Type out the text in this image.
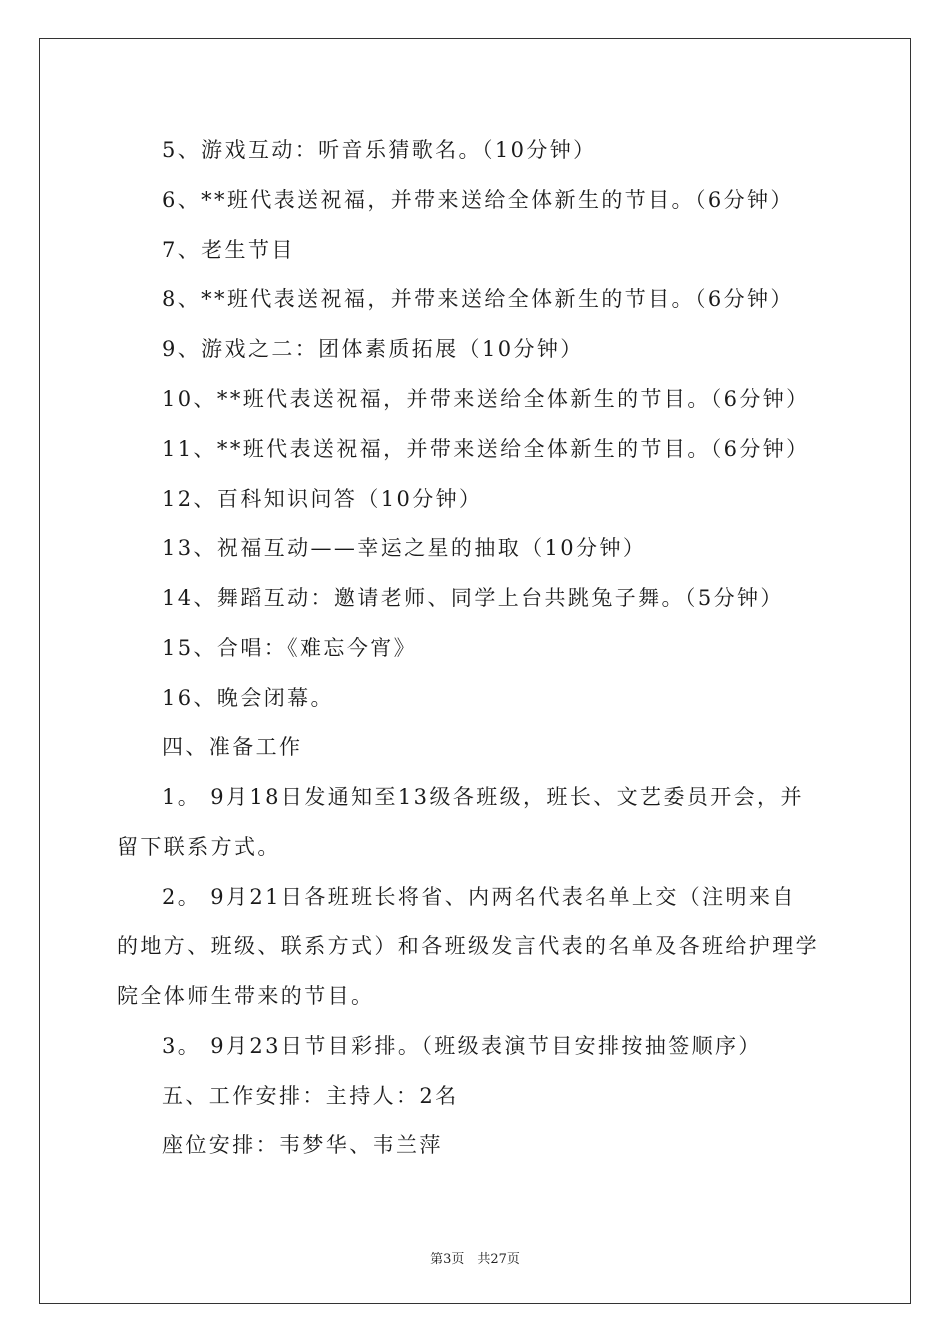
5、游戏互动：听音乐猜歌名。（10分钟）
6、**班代表送祝福，并带来送给全体新生的节目。（6分钟）
7、老生节目
8、**班代表送祝福，并带来送给全体新生的节目。（6分钟）
9、游戏之二：团体素质拓展（10分钟）
10、**班代表送祝福，并带来送给全体新生的节目。（6分钟）
11、**班代表送祝福，并带来送给全体新生的节目。（6分钟）
12、百科知识问答（10分钟）
13、祝福互动——幸运之星的抽取（10分钟）
14、舞蹈互动：邀请老师、同学上台共跳兔子舞。（5分钟）
15、合唱：《难忘今宵》
16、晚会闭幕。
四、准备工作
1。 9月18日发通知至13级各班级，班长、文艺委员开会，并
留下联系方式。
2。 9月21日各班班长将省、内两名代表名单上交（注明来自
的地方、班级、联系方式）和各班级发言代表的名单及各班给护理学
院全体师生带来的节目。
3。 9月23日节目彩排。（班级表演节目安排按抽签顺序）
五、工作安排：主持人：2名
座位安排：韦梦华、韦兰萍
第3页　共27页
